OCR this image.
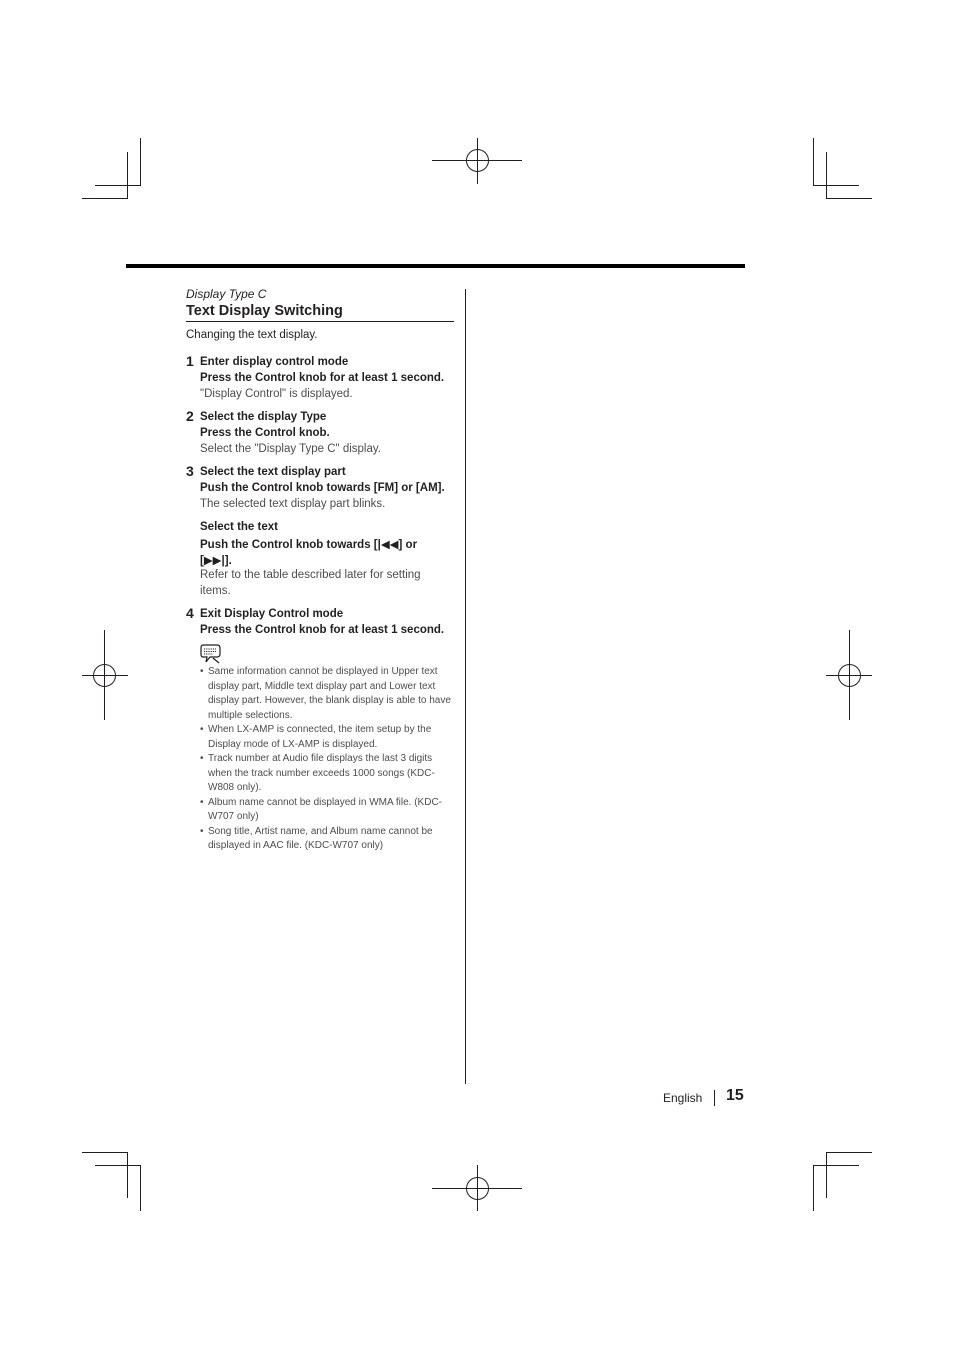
Display Type C
Text Display Switching
Changing the text display.
1 Enter display control mode
Press the Control knob for at least 1 second.
"Display Control" is displayed.
2 Select the display Type
Press the Control knob.
Select the "Display Type C" display.
3 Select the text display part
Push the Control knob towards [FM] or [AM].
The selected text display part blinks.
Select the text
Push the Control knob towards [|◀◀] or
[▶▶|].
Refer to the table described later for setting
items.
4 Exit Display Control mode
Press the Control knob for at least 1 second.
• Same information cannot be displayed in Upper text display part, Middle text display part and Lower text display part. However, the blank display is able to have multiple selections.
• When LX-AMP is connected, the item setup by the Display mode of LX-AMP is displayed.
• Track number at Audio file displays the last 3 digits when the track number exceeds 1000 songs (KDC-W808 only).
• Album name cannot be displayed in WMA file. (KDC-W707 only)
• Song title, Artist name, and Album name cannot be displayed in AAC file. (KDC-W707 only)
English 15
